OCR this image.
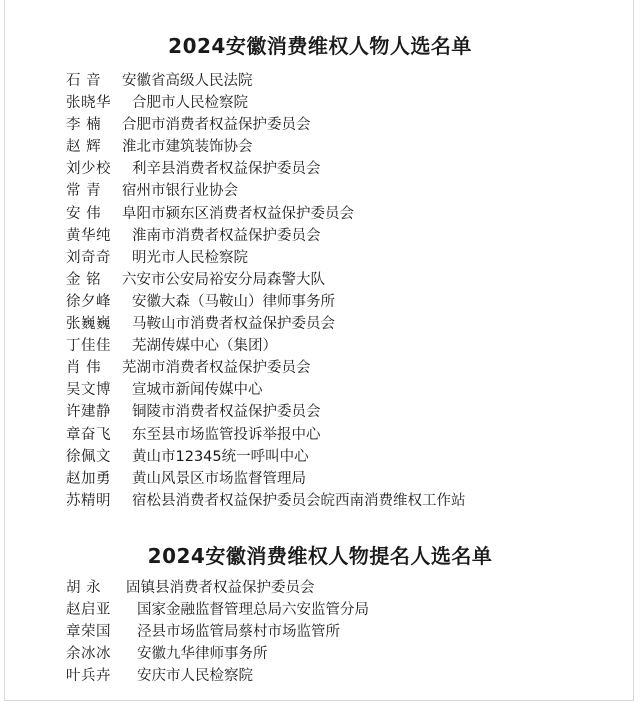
2024安徽消费维权人物人选名单
石 音	安徽省高级人民法院
张晓华	合肥市人民检察院
李 楠	合肥市消费者权益保护委员会
赵 辉	淮北市建筑装饰协会
刘少校	利辛县消费者权益保护委员会
常 青	宿州市银行业协会
安 伟	阜阳市颍东区消费者权益保护委员会
黄华纯	淮南市消费者权益保护委员会
刘奇奇	明光市人民检察院
金 铭	六安市公安局裕安分局森警大队
徐夕峰	安徽大森（马鞍山）律师事务所
张巍巍	马鞍山市消费者权益保护委员会
丁佳佳	芜湖传媒中心（集团）
肖 伟	芜湖市消费者权益保护委员会
吴文博	宣城市新闻传媒中心
许建静	铜陵市消费者权益保护委员会
章奋飞	东至县市场监管投诉举报中心
徐佩文	黄山市12345统一呼叫中心
赵加勇	黄山风景区市场监督管理局
苏精明	宿松县消费者权益保护委员会皖西南消费维权工作站
2024安徽消费维权人物提名人选名单
胡 永	固镇县消费者权益保护委员会
赵启亚	国家金融监督管理总局六安监管分局
章荣国	泾县市场监管局蔡村市场监管所
余冰冰	安徽九华律师事务所
叶兵卉	安庆市人民检察院
